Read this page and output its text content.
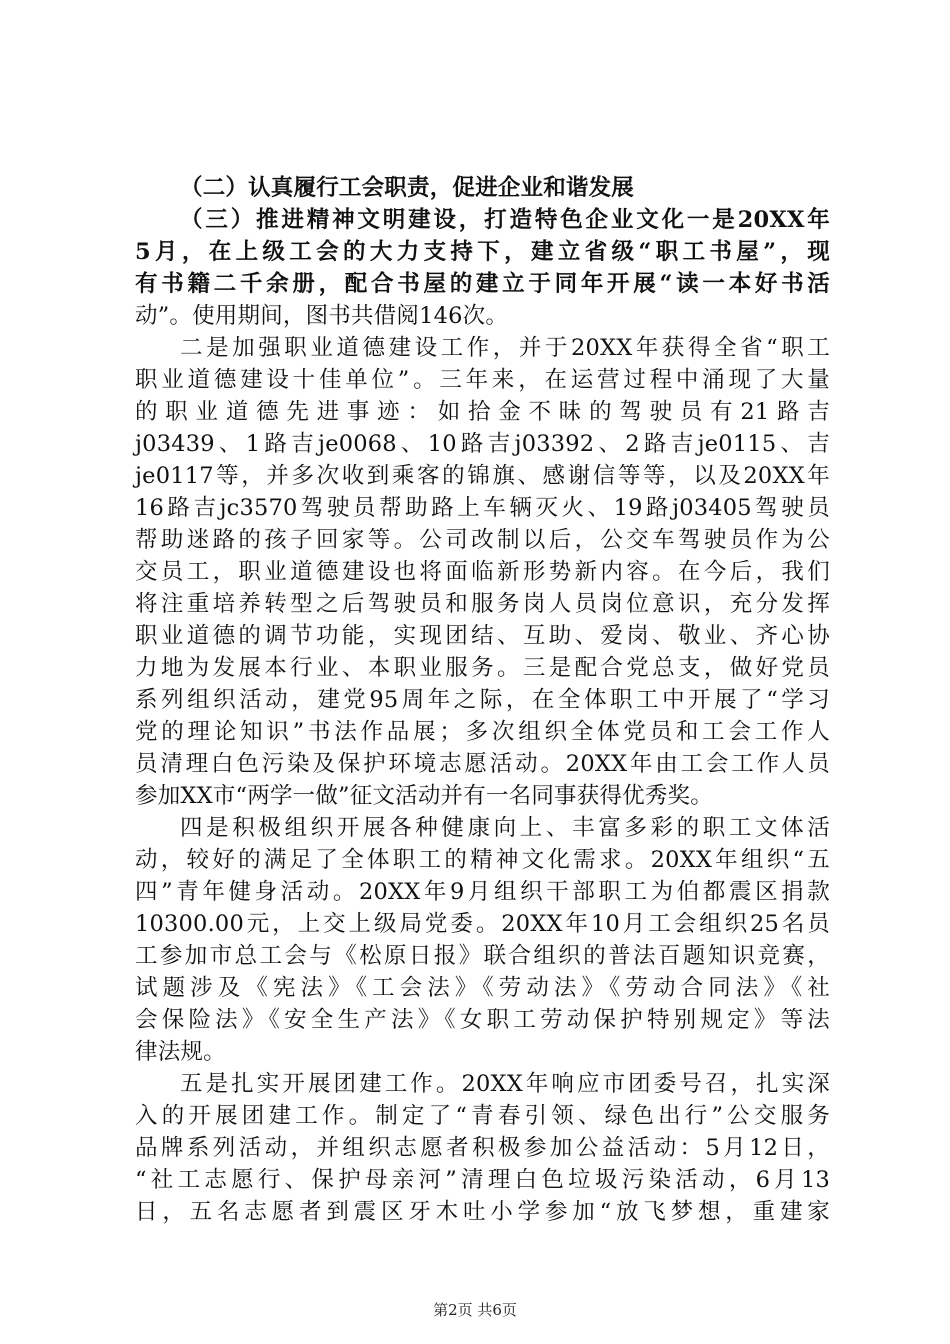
（二）认真履行工会职责，促进企业和谐发展
（三）推进精神文明建设，打造特色企业文化一是20XX年
5月，在上级工会的大力支持下，建立省级“职工书屋”，现
有书籍二千余册，配合书屋的建立于同年开展“读一本好书活
动”。使用期间，图书共借阅146次。
二是加强职业道德建设工作，并于20XX年获得全省“职工
职业道德建设十佳单位”。三年来，在运营过程中涌现了大量
的职业道德先进事迹：如拾金不昧的驾驶员有21路吉
j03439、1路吉je0068、10路吉j03392、2路吉je0115、吉
je0117等，并多次收到乘客的锦旗、感谢信等等，以及20XX年
16路吉jc3570驾驶员帮助路上车辆灭火、19路j03405驾驶员
帮助迷路的孩子回家等。公司改制以后，公交车驾驶员作为公
交员工，职业道德建设也将面临新形势新内容。在今后，我们
将注重培养转型之后驾驶员和服务岗人员岗位意识，充分发挥
职业道德的调节功能，实现团结、互助、爱岗、敬业、齐心协
力地为发展本行业、本职业服务。三是配合党总支，做好党员
系列组织活动，建党95周年之际，在全体职工中开展了“学习
党的理论知识”书法作品展；多次组织全体党员和工会工作人
员清理白色污染及保护环境志愿活动。20XX年由工会工作人员
参加XX市“两学一做”征文活动并有一名同事获得优秀奖。
四是积极组织开展各种健康向上、丰富多彩的职工文体活
动，较好的满足了全体职工的精神文化需求。20XX年组织“五
四”青年健身活动。20XX年9月组织干部职工为伯都震区捐款
10300.00元，上交上级局党委。20XX年10月工会组织25名员
工参加市总工会与《松原日报》联合组织的普法百题知识竞赛，
试题涉及《宪法》《工会法》《劳动法》《劳动合同法》《社
会保险法》《安全生产法》《女职工劳动保护特别规定》等法
律法规。
五是扎实开展团建工作。20XX年响应市团委号召，扎实深
入的开展团建工作。制定了“青春引领、绿色出行”公交服务
品牌系列活动，并组织志愿者积极参加公益活动：5月12日，
“社工志愿行、保护母亲河”清理白色垃圾污染活动，6月13
日，五名志愿者到震区牙木吐小学参加“放飞梦想，重建家
第2页 共6页
